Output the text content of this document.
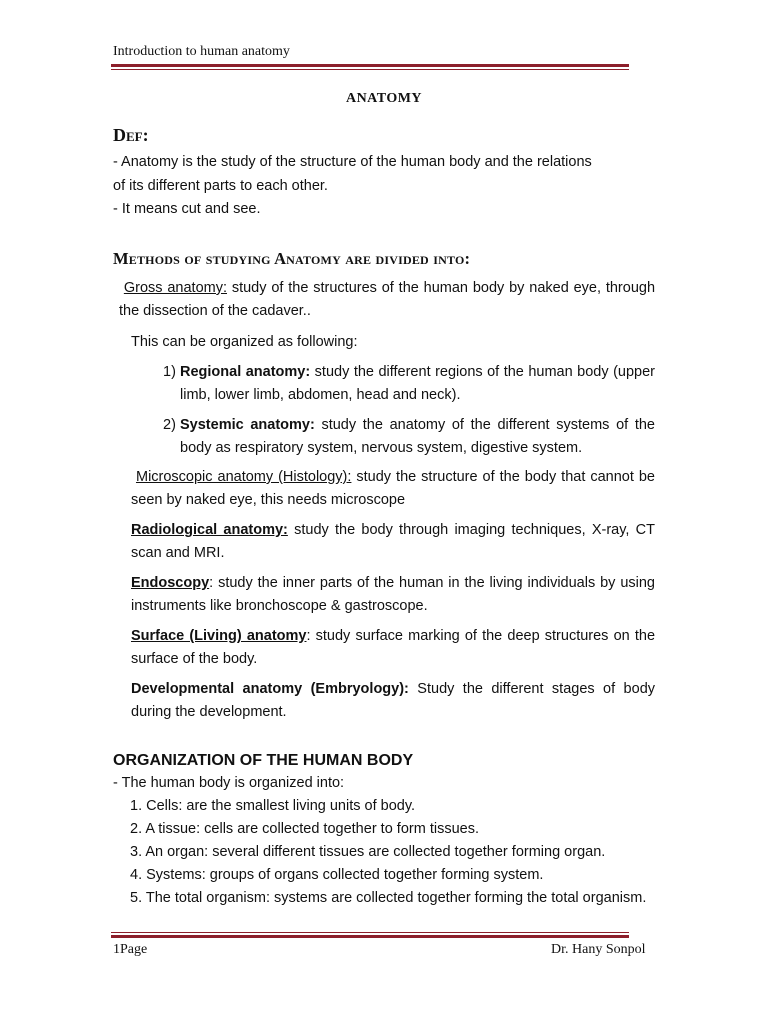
Introduction to human anatomy
ANATOMY
Def:
- Anatomy is the study of the structure of the human body and the relations
of its different parts to each other.
- It means cut and see.
Methods of studying Anatomy are divided into:
Gross anatomy: study of the structures of the human body by naked eye, through the dissection of the cadaver..
This can be organized as following:
1) Regional anatomy: study the different regions of the human body (upper limb, lower limb, abdomen, head and neck).
2) Systemic anatomy: study the anatomy of the different systems of the body as respiratory system, nervous system, digestive system.
Microscopic anatomy (Histology): study the structure of the body that cannot be seen by naked eye, this needs microscope
Radiological anatomy: study the body through imaging techniques, X-ray, CT scan and MRI.
Endoscopy: study the inner parts of the human in the living individuals by using instruments like bronchoscope & gastroscope.
Surface (Living) anatomy: study surface marking of the deep structures on the surface of the body.
Developmental anatomy (Embryology): Study the different stages of body during the development.
ORGANIZATION OF THE HUMAN BODY
- The human body is organized into:
1. Cells: are the smallest living units of body.
2. A tissue: cells are collected together to form tissues.
3. An organ: several different tissues are collected together forming organ.
4. Systems: groups of organs collected together forming system.
5. The total organism: systems are collected together forming the total organism.
1Page	Dr. Hany Sonpol
